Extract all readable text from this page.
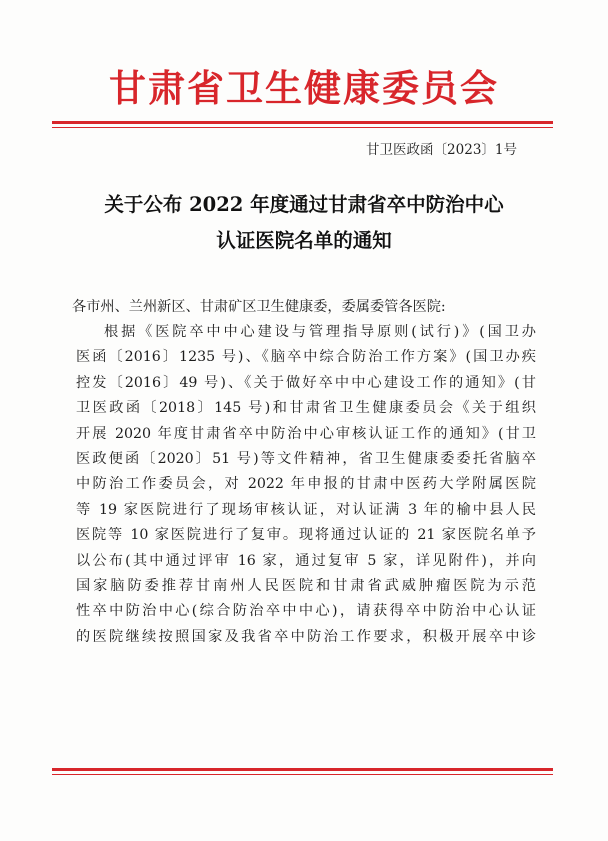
甘肃省卫生健康委员会
甘卫医政函〔2023〕1号
关于公布 2022 年度通过甘肃省卒中防治中心
认证医院名单的通知
各市州、兰州新区、甘肃矿区卫生健康委，委属委管各医院:
根据《医院卒中中心建设与管理指导原则(试行)》(国卫办
医函〔2016〕1235 号)、《脑卒中综合防治工作方案》(国卫办疾
控发〔2016〕49 号)、《关于做好卒中中心建设工作的通知》(甘
卫医政函〔2018〕145 号)和甘肃省卫生健康委员会《关于组织
开展 2020 年度甘肃省卒中防治中心审核认证工作的通知》(甘卫
医政便函〔2020〕51 号)等文件精神，省卫生健康委委托省脑卒
中防治工作委员会，对 2022 年申报的甘肃中医药大学附属医院
等 19 家医院进行了现场审核认证，对认证满 3 年的榆中县人民
医院等 10 家医院进行了复审。现将通过认证的 21 家医院名单予
以公布(其中通过评审 16 家，通过复审 5 家，详见附件)，并向
国家脑防委推荐甘南州人民医院和甘肃省武威肿瘤医院为示范
性卒中防治中心(综合防治卒中中心)，请获得卒中防治中心认证
的医院继续按照国家及我省卒中防治工作要求，积极开展卒中诊
